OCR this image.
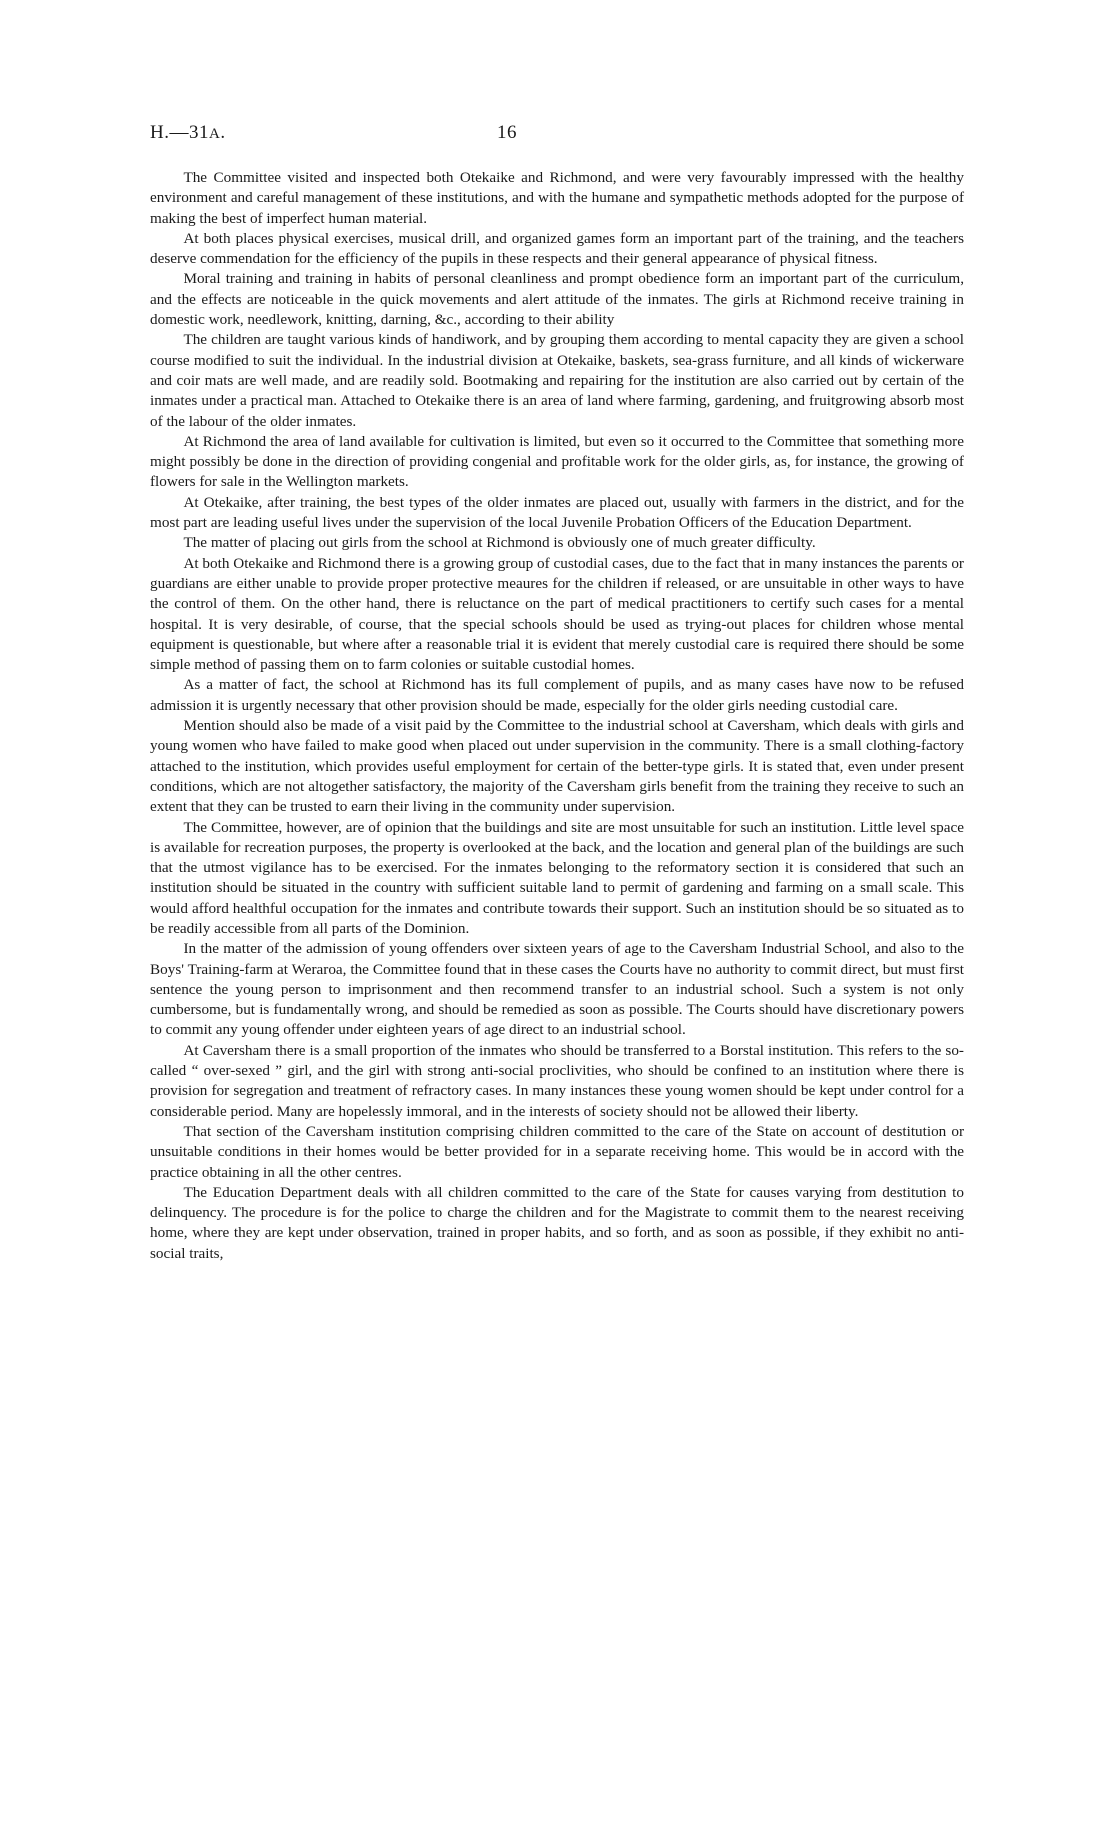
H.—31A.	16

The Committee visited and inspected both Otekaike and Richmond, and were very favourably impressed with the healthy environment and careful management of these institutions, and with the humane and sympathetic methods adopted for the purpose of making the best of imperfect human material.

At both places physical exercises, musical drill, and organized games form an important part of the training, and the teachers deserve commendation for the efficiency of the pupils in these respects and their general appearance of physical fitness.

Moral training and training in habits of personal cleanliness and prompt obedience form an important part of the curriculum, and the effects are noticeable in the quick movements and alert attitude of the inmates. The girls at Richmond receive training in domestic work, needlework, knitting, darning, &c., according to their ability

The children are taught various kinds of handiwork, and by grouping them according to mental capacity they are given a school course modified to suit the individual. In the industrial division at Otekaike, baskets, sea-grass furniture, and all kinds of wickerware and coir mats are well made, and are readily sold. Bootmaking and repairing for the institution are also carried out by certain of the inmates under a practical man. Attached to Otekaike there is an area of land where farming, gardening, and fruitgrowing absorb most of the labour of the older inmates.

At Richmond the area of land available for cultivation is limited, but even so it occurred to the Committee that something more might possibly be done in the direction of providing congenial and profitable work for the older girls, as, for instance, the growing of flowers for sale in the Wellington markets.

At Otekaike, after training, the best types of the older inmates are placed out, usually with farmers in the district, and for the most part are leading useful lives under the supervision of the local Juvenile Probation Officers of the Education Department.

The matter of placing out girls from the school at Richmond is obviously one of much greater difficulty.

At both Otekaike and Richmond there is a growing group of custodial cases, due to the fact that in many instances the parents or guardians are either unable to provide proper protective meaures for the children if released, or are unsuitable in other ways to have the control of them. On the other hand, there is reluctance on the part of medical practitioners to certify such cases for a mental hospital. It is very desirable, of course, that the special schools should be used as trying-out places for children whose mental equipment is questionable, but where after a reasonable trial it is evident that merely custodial care is required there should be some simple method of passing them on to farm colonies or suitable custodial homes.

As a matter of fact, the school at Richmond has its full complement of pupils, and as many cases have now to be refused admission it is urgently necessary that other provision should be made, especially for the older girls needing custodial care.

Mention should also be made of a visit paid by the Committee to the industrial school at Caversham, which deals with girls and young women who have failed to make good when placed out under supervision in the community. There is a small clothing-factory attached to the institution, which provides useful employment for certain of the better-type girls. It is stated that, even under present conditions, which are not altogether satisfactory, the majority of the Caversham girls benefit from the training they receive to such an extent that they can be trusted to earn their living in the community under supervision.

The Committee, however, are of opinion that the buildings and site are most unsuitable for such an institution. Little level space is available for recreation purposes, the property is overlooked at the back, and the location and general plan of the buildings are such that the utmost vigilance has to be exercised. For the inmates belonging to the reformatory section it is considered that such an institution should be situated in the country with sufficient suitable land to permit of gardening and farming on a small scale. This would afford healthful occupation for the inmates and contribute towards their support. Such an institution should be so situated as to be readily accessible from all parts of the Dominion.

In the matter of the admission of young offenders over sixteen years of age to the Caversham Industrial School, and also to the Boys' Training-farm at Weraroa, the Committee found that in these cases the Courts have no authority to commit direct, but must first sentence the young person to imprisonment and then recommend transfer to an industrial school. Such a system is not only cumbersome, but is fundamentally wrong, and should be remedied as soon as possible. The Courts should have discretionary powers to commit any young offender under eighteen years of age direct to an industrial school.

At Caversham there is a small proportion of the inmates who should be transferred to a Borstal institution. This refers to the so-called “ over-sexed ” girl, and the girl with strong anti-social proclivities, who should be confined to an institution where there is provision for segregation and treatment of refractory cases. In many instances these young women should be kept under control for a considerable period. Many are hopelessly immoral, and in the interests of society should not be allowed their liberty.

That section of the Caversham institution comprising children committed to the care of the State on account of destitution or unsuitable conditions in their homes would be better provided for in a separate receiving home. This would be in accord with the practice obtaining in all the other centres.

The Education Department deals with all children committed to the care of the State for causes varying from destitution to delinquency. The procedure is for the police to charge the children and for the Magistrate to commit them to the nearest receiving home, where they are kept under observation, trained in proper habits, and so forth, and as soon as possible, if they exhibit no anti-social traits,
